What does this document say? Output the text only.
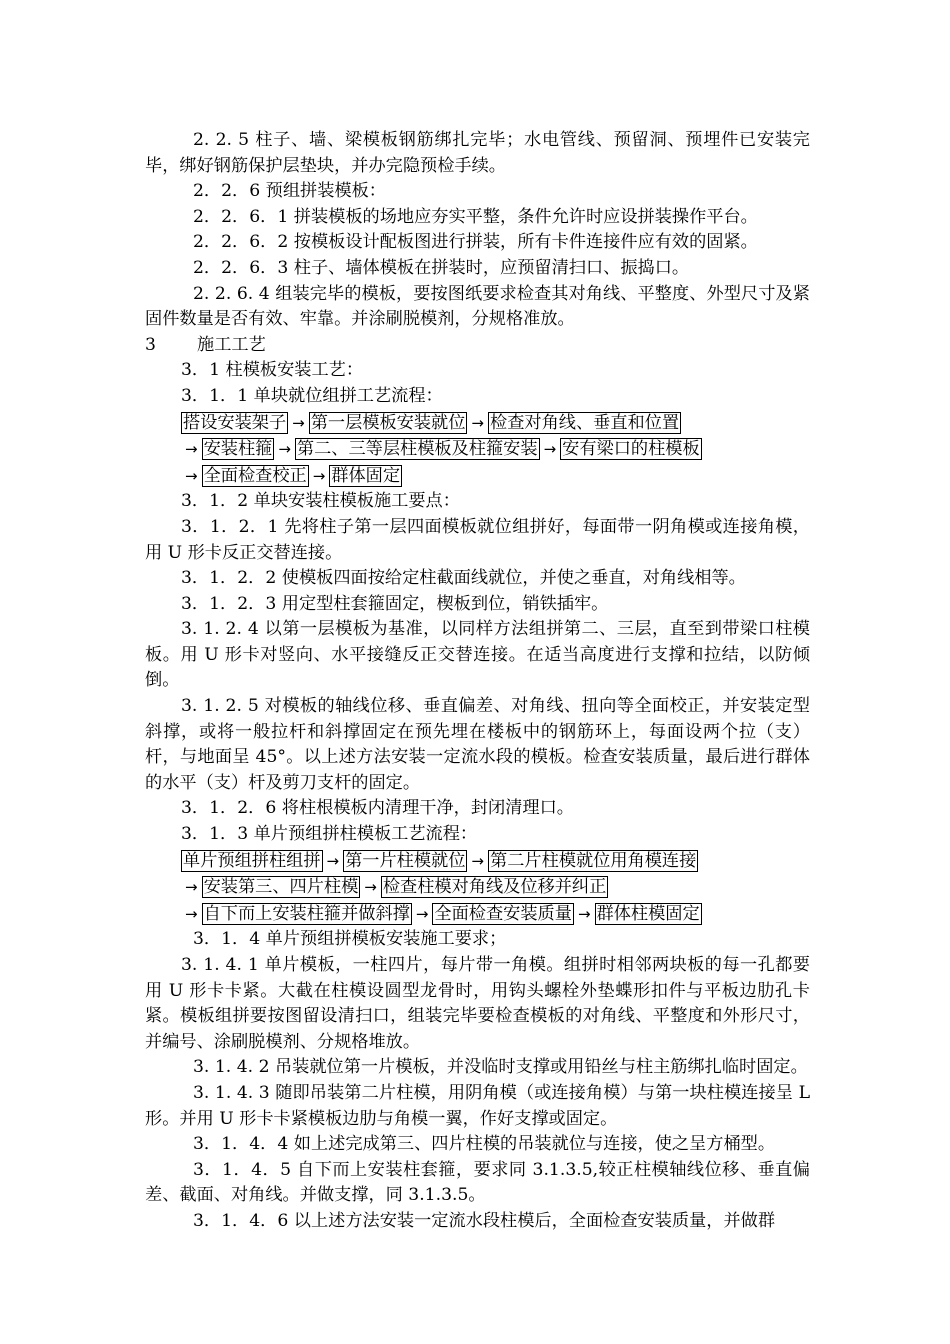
2. 2. 5 柱子、墙、梁模板钢筋绑扎完毕；水电管线、预留洞、预埋件已安装完毕，绑好钢筋保护层垫块，并办完隐预检手续。

2．2．6 预组拼装模板：

2．2．6．1 拼装模板的场地应夯实平整，条件允许时应设拼装操作平台。

2．2．6．2 按模板设计配板图进行拼装，所有卡件连接件应有效的固紧。

2．2．6．3 柱子、墙体模板在拼装时，应预留清扫口、振捣口。

2. 2. 6. 4 组装完毕的模板，要按图纸要求检查其对角线、平整度、外型尺寸及紧固件数量是否有效、牢靠。并涂刷脱模剂，分规格准放。

3 施工工艺

3．1 柱模板安装工艺：

3．1．1 单块就位组拼工艺流程：

搭设安装架子 → 第一层模板安装就位 → 检查对角线、垂直和位置

→ 安装柱箍 → 第二、三等层柱模板及柱箍安装 → 安有梁口的柱模板

→ 全面检查校正 → 群体固定

3．1．2 单块安装柱模板施工要点：

3．1．2．1 先将柱子第一层四面模板就位组拼好，每面带一阴角模或连接角模，用 U 形卡反正交替连接。

3．1．2．2 使模板四面按给定柱截面线就位，并使之垂直，对角线相等。

3．1．2．3 用定型柱套箍固定，楔板到位，销铁插牢。

3. 1. 2. 4 以第一层模板为基准，以同样方法组拼第二、三层，直至到带梁口柱模板。用 U 形卡对竖向、水平接缝反正交替连接。在适当高度进行支撑和拉结，以防倾倒。

3. 1. 2. 5 对模板的轴线位移、垂直偏差、对角线、扭向等全面校正，并安装定型斜撑，或将一般拉杆和斜撑固定在预先埋在楼板中的钢筋环上，每面设两个拉（支）杆，与地面呈 45°。以上述方法安装一定流水段的模板。检查安装质量，最后进行群体的水平（支）杆及剪刀支杆的固定。

3．1．2．6 将柱根模板内清理干净，封闭清理口。

3．1．3 单片预组拼柱模板工艺流程：

单片预组拼柱组拼 → 第一片柱模就位 → 第二片柱模就位用角模连接

→ 安装第三、四片柱模 → 检查柱模对角线及位移并纠正

→ 自下而上安装柱箍并做斜撑 → 全面检查安装质量 → 群体柱模固定

3．1．4 单片预组拼模板安装施工要求；

3. 1. 4. 1 单片模板，一柱四片，每片带一角模。组拼时相邻两块板的每一孔都要用 U 形卡卡紧。大截在柱模设圆型龙骨时，用钩头螺栓外垫蝶形扣件与平板边肋孔卡紧。模板组拼要按图留设清扫口，组装完毕要检查模板的对角线、平整度和外形尺寸，并编号、涂刷脱模剂、分规格堆放。

3. 1. 4. 2 吊装就位第一片模板，并没临时支撑或用铅丝与柱主筋绑扎临时固定。

3. 1. 4. 3 随即吊装第二片柱模，用阴角模（或连接角模）与第一块柱模连接呈 L 形。并用 U 形卡卡紧模板边肋与角模一翼，作好支撑或固定。

3．1．4．4 如上述完成第三、四片柱模的吊装就位与连接，使之呈方桶型。

3．1．4．5 自下而上安装柱套箍，要求同 3.1.3.5,较正柱模轴线位移、垂直偏差、截面、对角线。并做支撑，同 3.1.3.5。

3．1．4．6 以上述方法安装一定流水段柱模后，全面检查安装质量，并做群
